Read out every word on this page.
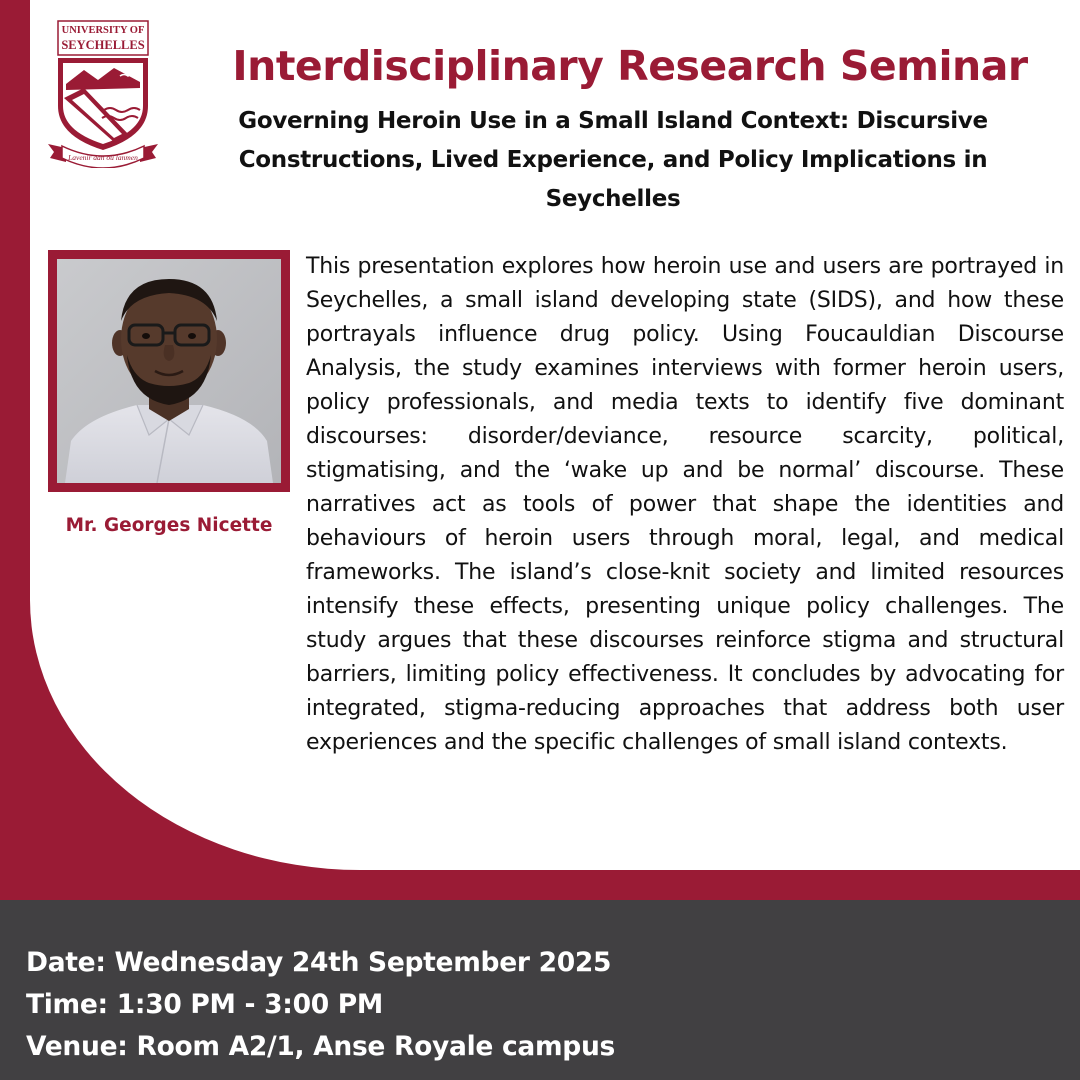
UNIVERSITY OF
SEYCHELLES
Lavenir dan ou lanmen
Interdisciplinary Research Seminar
Governing Heroin Use in a Small Island Context: Discursive Constructions, Lived Experience, and Policy Implications in Seychelles
Mr. Georges Nicette

This presentation explores how heroin use and users are portrayed in Seychelles, a small island developing state (SIDS), and how these portrayals influence drug policy. Using Foucauldian Discourse Analysis, the study examines interviews with former heroin users, policy professionals, and media texts to identify five dominant discourses: disorder/deviance, resource scarcity, political, stigmatising, and the ‘wake up and be normal’ discourse. These narratives act as tools of power that shape the identities and behaviours of heroin users through moral, legal, and medical frameworks. The island’s close-knit society and limited resources intensify these effects, presenting unique policy challenges. The study argues that these discourses reinforce stigma and structural barriers, limiting policy effectiveness. It concludes by advocating for integrated, stigma-reducing approaches that address both user experiences and the specific challenges of small island contexts.

Date: Wednesday 24th September 2025
Time: 1:30 PM - 3:00 PM
Venue: Room A2/1, Anse Royale campus
